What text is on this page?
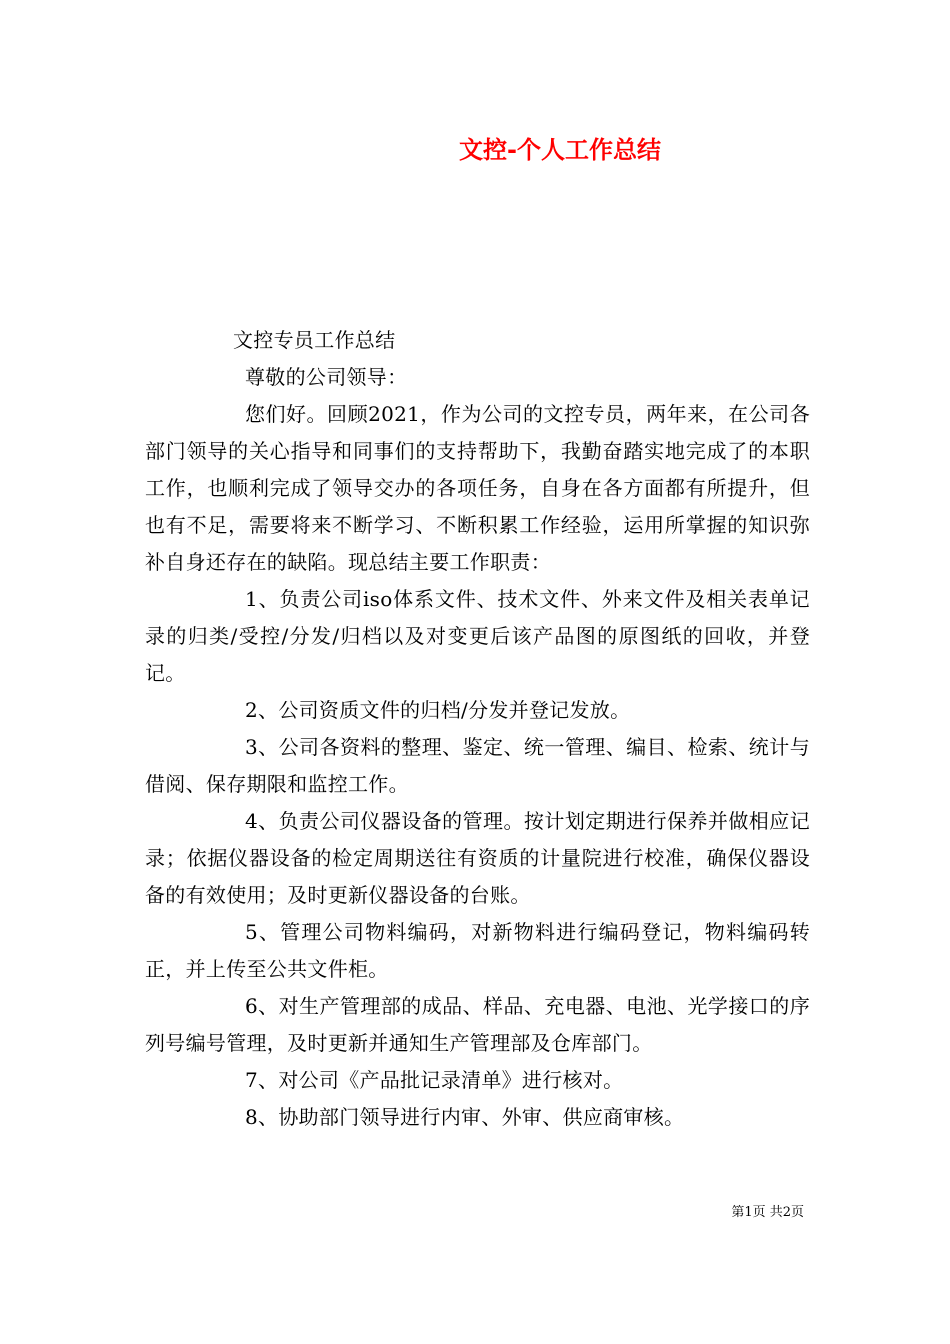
文控-个人工作总结

文控专员工作总结

尊敬的公司领导：

您们好。回顾2021，作为公司的文控专员，两年来，在公司各部门领导的关心指导和同事们的支持帮助下，我勤奋踏实地完成了的本职工作，也顺利完成了领导交办的各项任务，自身在各方面都有所提升，但也有不足，需要将来不断学习、不断积累工作经验，运用所掌握的知识弥补自身还存在的缺陷。现总结主要工作职责：

1、负责公司iso体系文件、技术文件、外来文件及相关表单记录的归类/受控/分发/归档以及对变更后该产品图的原图纸的回收，并登记。

2、公司资质文件的归档/分发并登记发放。

3、公司各资料的整理、鉴定、统一管理、编目、检索、统计与借阅、保存期限和监控工作。

4、负责公司仪器设备的管理。按计划定期进行保养并做相应记录；依据仪器设备的检定周期送往有资质的计量院进行校准，确保仪器设备的有效使用；及时更新仪器设备的台账。

5、管理公司物料编码，对新物料进行编码登记，物料编码转正，并上传至公共文件柜。

6、对生产管理部的成品、样品、充电器、电池、光学接口的序列号编号管理，及时更新并通知生产管理部及仓库部门。

7、对公司《产品批记录清单》进行核对。

8、协助部门领导进行内审、外审、供应商审核。

第1页 共2页
